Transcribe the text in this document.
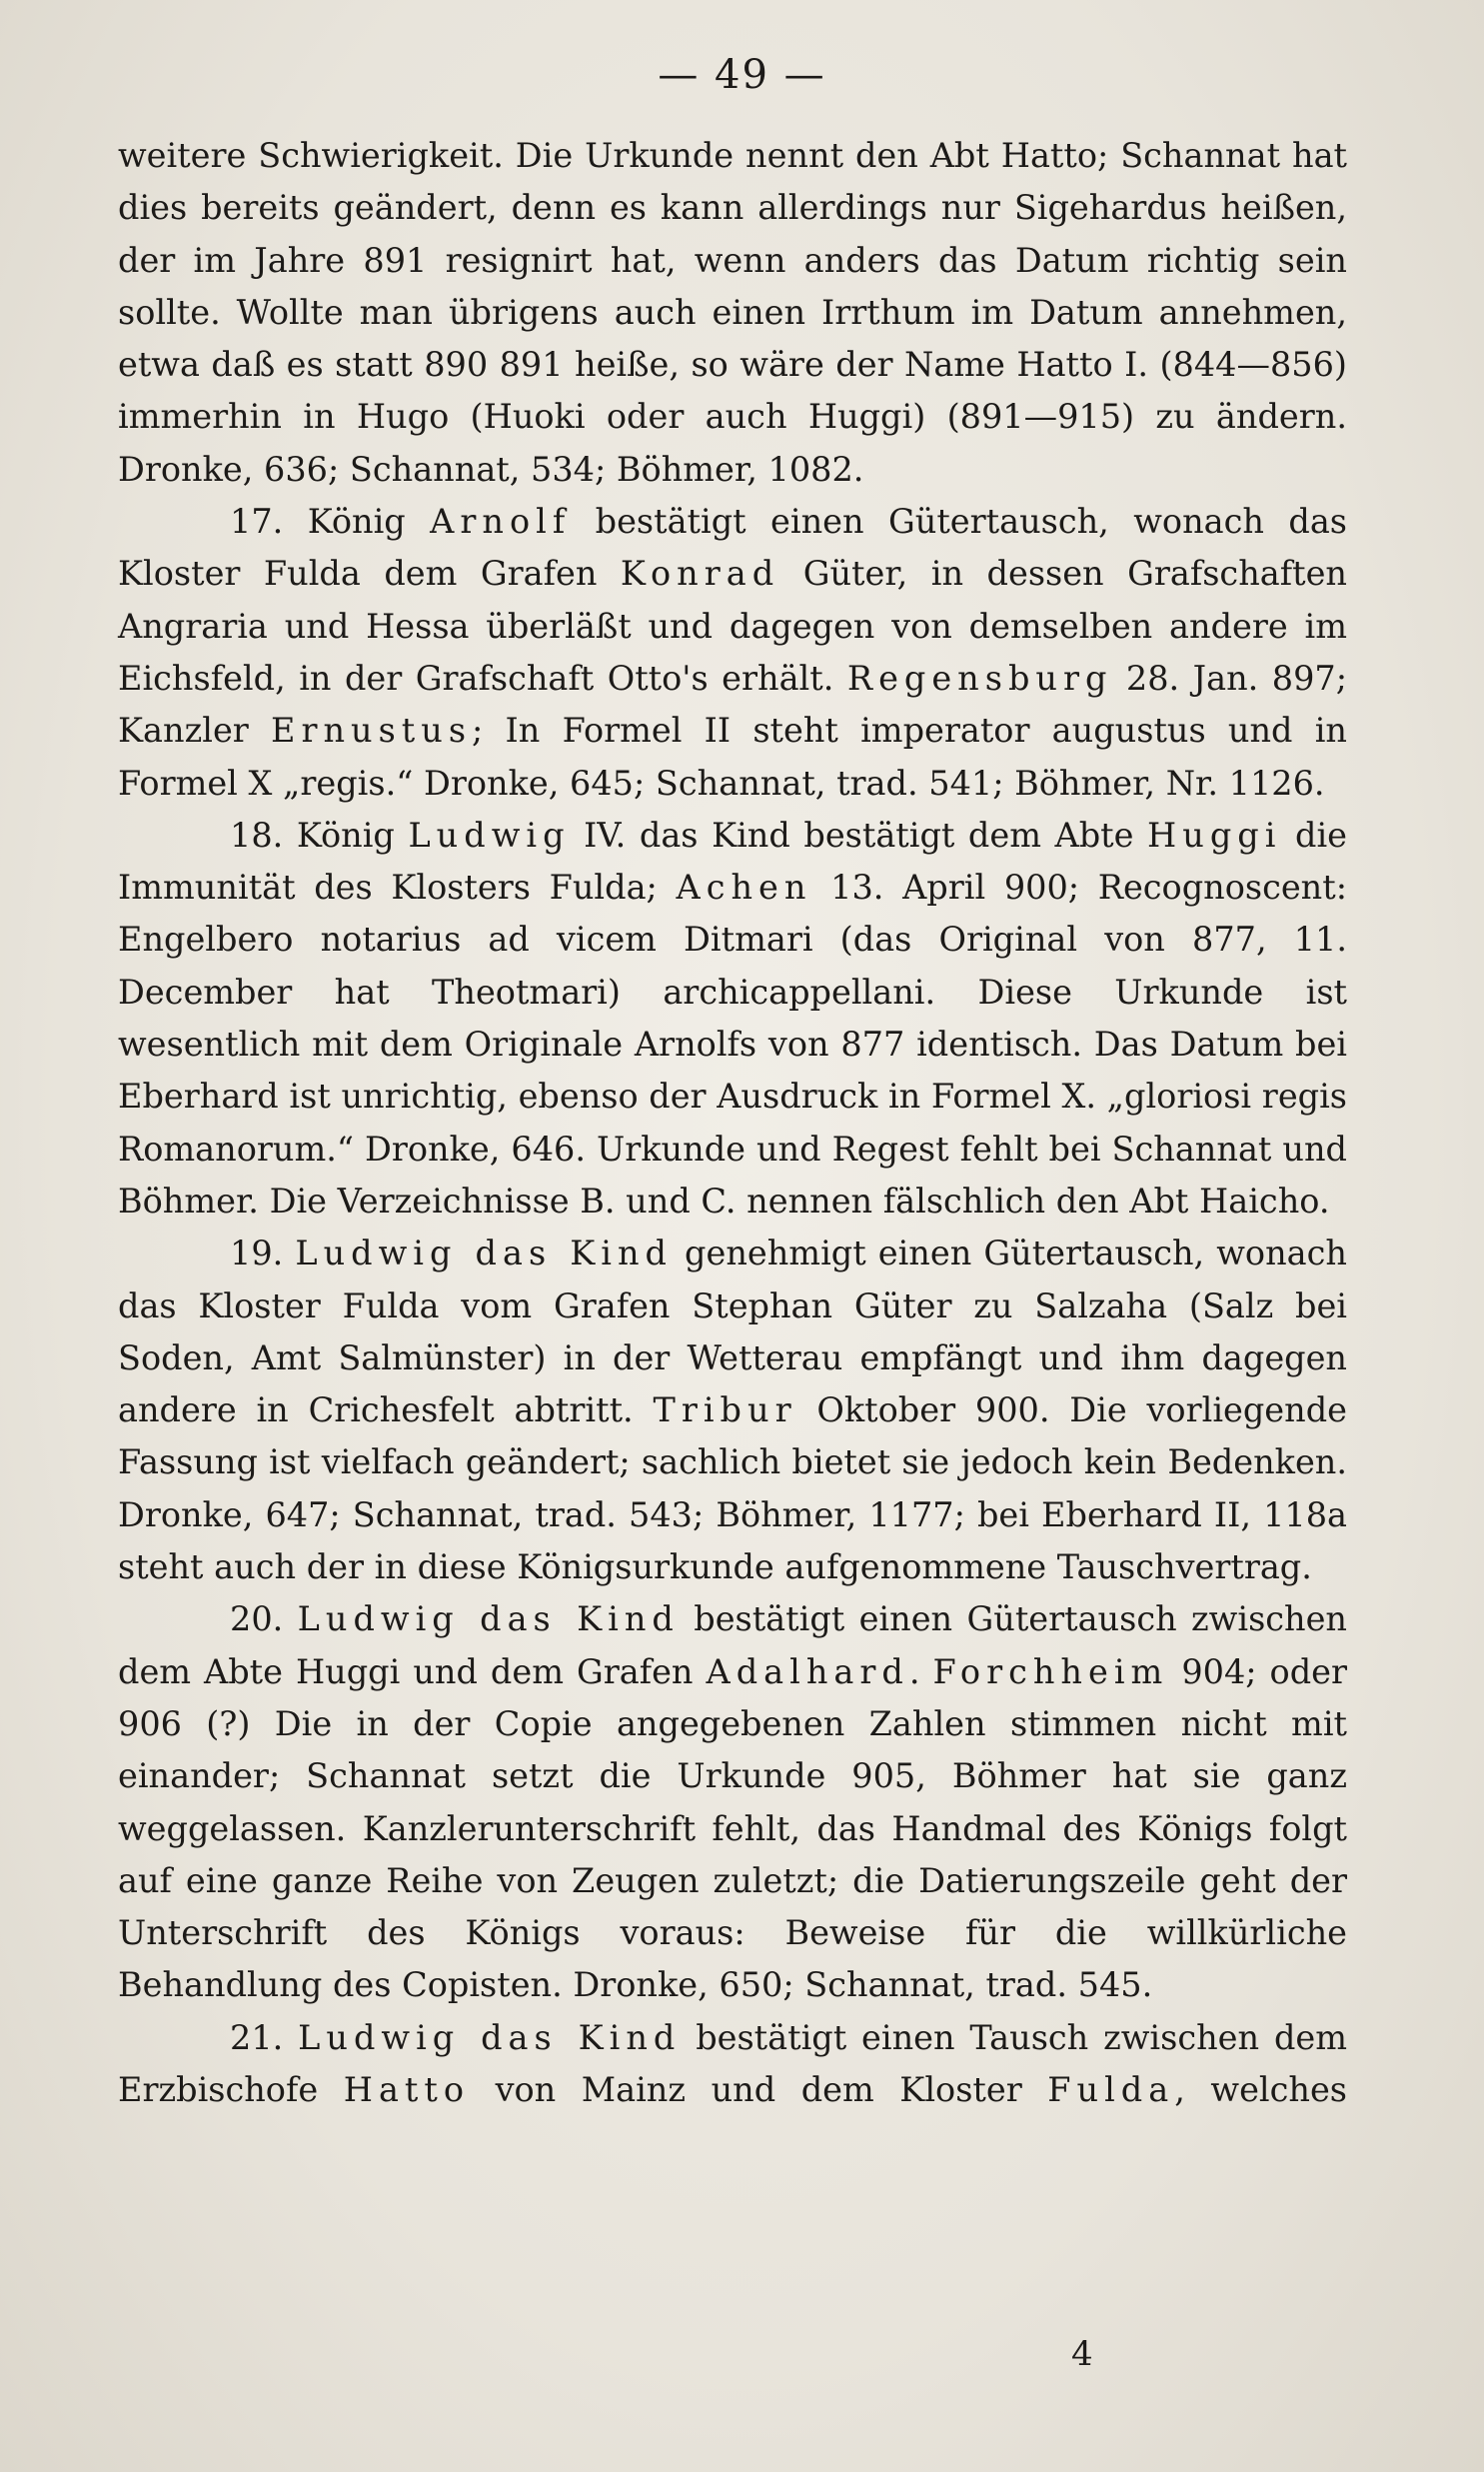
— 49 —

weitere Schwierigkeit. Die Urkunde nennt den Abt Hatto; Schannat hat dies bereits geändert, denn es kann allerdings nur Sigehardus heißen, der im Jahre 891 resignirt hat, wenn anders das Datum richtig sein sollte. Wollte man übrigens auch einen Irrthum im Datum annehmen, etwa daß es statt 890 891 heiße, so wäre der Name Hatto I. (844—856) immerhin in Hugo (Huoki oder auch Huggi) (891—915) zu ändern. Dronke, 636; Schannat, 534; Böhmer, 1082.

17. König Arnolf bestätigt einen Gütertausch, wonach das Kloster Fulda dem Grafen Konrad Güter, in dessen Grafschaften Angraria und Hessa überläßt und dagegen von demselben andere im Eichsfeld, in der Grafschaft Otto's erhält. Regensburg 28. Jan. 897; Kanzler Ernustus; In Formel II steht imperator augustus und in Formel X „regis.“ Dronke, 645; Schannat, trad. 541; Böhmer, Nr. 1126.

18. König Ludwig IV. das Kind bestätigt dem Abte Huggi die Immunität des Klosters Fulda; Achen 13. April 900; Recognoscent: Engelbero notarius ad vicem Ditmari (das Original von 877, 11. December hat Theotmari) archicappellani. Diese Urkunde ist wesentlich mit dem Originale Arnolfs von 877 identisch. Das Datum bei Eberhard ist unrichtig, ebenso der Ausdruck in Formel X. „gloriosi regis Romanorum.“ Dronke, 646. Urkunde und Regest fehlt bei Schannat und Böhmer. Die Verzeichnisse B. und C. nennen fälschlich den Abt Haicho.

19. Ludwig das Kind genehmigt einen Gütertausch, wonach das Kloster Fulda vom Grafen Stephan Güter zu Salzaha (Salz bei Soden, Amt Salmünster) in der Wetterau empfängt und ihm dagegen andere in Crichesfelt abtritt. Tribur Oktober 900. Die vorliegende Fassung ist vielfach geändert; sachlich bietet sie jedoch kein Bedenken. Dronke, 647; Schannat, trad. 543; Böhmer, 1177; bei Eberhard II, 118a steht auch der in diese Königsurkunde aufgenommene Tauschvertrag.

20. Ludwig das Kind bestätigt einen Gütertausch zwischen dem Abte Huggi und dem Grafen Adalhard. Forchheim 904; oder 906 (?) Die in der Copie angegebenen Zahlen stimmen nicht mit einander; Schannat setzt die Urkunde 905, Böhmer hat sie ganz weggelassen. Kanzlerunterschrift fehlt, das Handmal des Königs folgt auf eine ganze Reihe von Zeugen zuletzt; die Datierungszeile geht der Unterschrift des Königs voraus: Beweise für die willkürliche Behandlung des Copisten. Dronke, 650; Schannat, trad. 545.

21. Ludwig das Kind bestätigt einen Tausch zwischen dem Erzbischofe Hatto von Mainz und dem Kloster Fulda, welches

4
